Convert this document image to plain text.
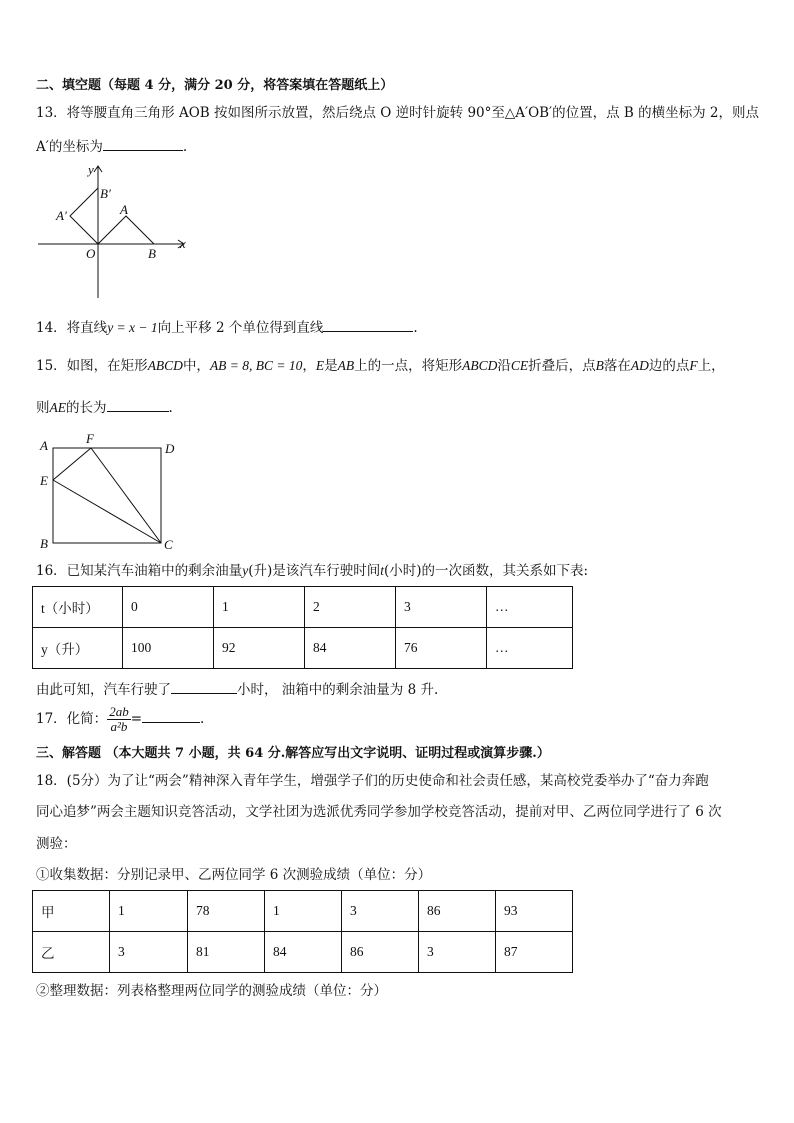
二、填空题（每题 4 分，满分 20 分，将答案填在答题纸上）
13．将等腰直角三角形 AOB 按如图所示放置，然后绕点 O 逆时针旋转 90°至△A′OB′的位置，点 B 的横坐标为 2，则点
A′的坐标为	.
y
x
B′
A′	A
O	B
14．将直线y = x − 1向上平移 2 个单位得到直线	.
15．如图，在矩形ABCD中，AB = 8, BC = 10，E是AB上的一点，将矩形ABCD沿CE折叠后，点B落在AD边的点F上，
则AE的长为	.
A	F
D
E
B	C
16．已知某汽车油箱中的剩余油量y(升)是该汽车行驶时间t(小时)的一次函数，其关系如下表:
t（小时）	0	1	2	3	…
y（升）	100	92	84	76	…
由此可知，汽车行驶了	小时， 油箱中的剩余油量为 8 升.
17．化简： $\frac{2ab}{\text{a²b}}$ =	.
三、解答题 （本大题共 7 小题，共 64 分.解答应写出文字说明、证明过程或演算步骤.）
18．(5分）为了让“两会”精神深入青年学生，增强学子们的历史使命和社会责任感，某高校党委举办了“奋力奔跑
同心追梦”两会主题知识竞答活动，文学社团为选派优秀同学参加学校竞答活动，提前对甲、乙两位同学进行了 6 次
测验：
①收集数据：分别记录甲、乙两位同学 6 次测验成绩（单位：分）
甲	1	78	1	3	86	93
乙	3	81	84	86	3	87
②整理数据：列表格整理两位同学的测验成绩（单位：分）
